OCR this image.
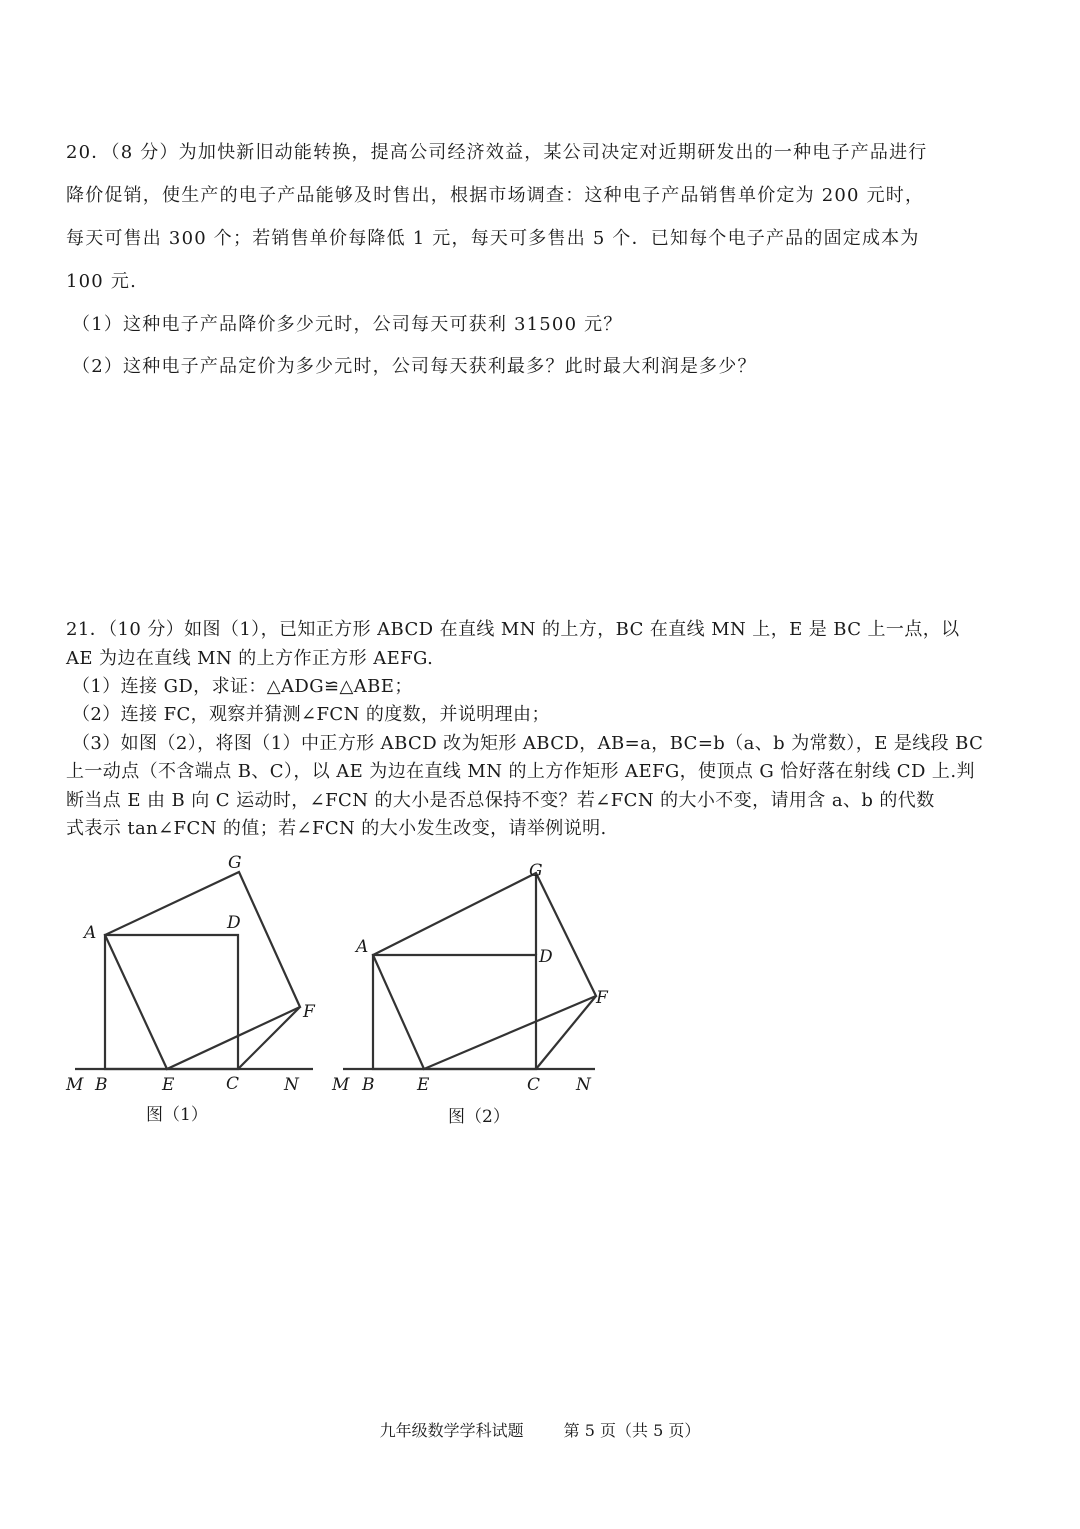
20．（8 分）为加快新旧动能转换，提高公司经济效益，某公司决定对近期研发出的一种电子产品进行
降价促销，使生产的电子产品能够及时售出，根据市场调查：这种电子产品销售单价定为 200 元时，
每天可售出 300 个；若销售单价每降低 1 元，每天可多售出 5 个．已知每个电子产品的固定成本为
100 元.
（1）这种电子产品降价多少元时，公司每天可获利 31500 元？
（2）这种电子产品定价为多少元时，公司每天获利最多？此时最大利润是多少？
21．（10 分）如图（1），已知正方形 ABCD 在直线 MN 的上方，BC 在直线 MN 上，E 是 BC 上一点，以
AE 为边在直线 MN 的上方作正方形 AEFG.
（1）连接 GD，求证：△ADG≌△ABE；
（2）连接 FC，观察并猜测∠FCN 的度数，并说明理由；
（3）如图（2），将图（1）中正方形 ABCD 改为矩形 ABCD，AB=a，BC=b（a、b 为常数），E 是线段 BC
上一动点（不含端点 B、C），以 AE 为边在直线 MN 的上方作矩形 AEFG，使顶点 G 恰好落在射线 CD 上.判
断当点 E 由 B 向 C 运动时，∠FCN 的大小是否总保持不变？若∠FCN 的大小不变，请用含 a、b 的代数
式表示 tan∠FCN 的值；若∠FCN 的大小发生改变，请举例说明.
A
B	C
D
E
F
G
M	N
图（1）
A
B	C
D
E
F
G
M	N
图（2）
九年级数学学科试题	第 5 页（共 5 页）
